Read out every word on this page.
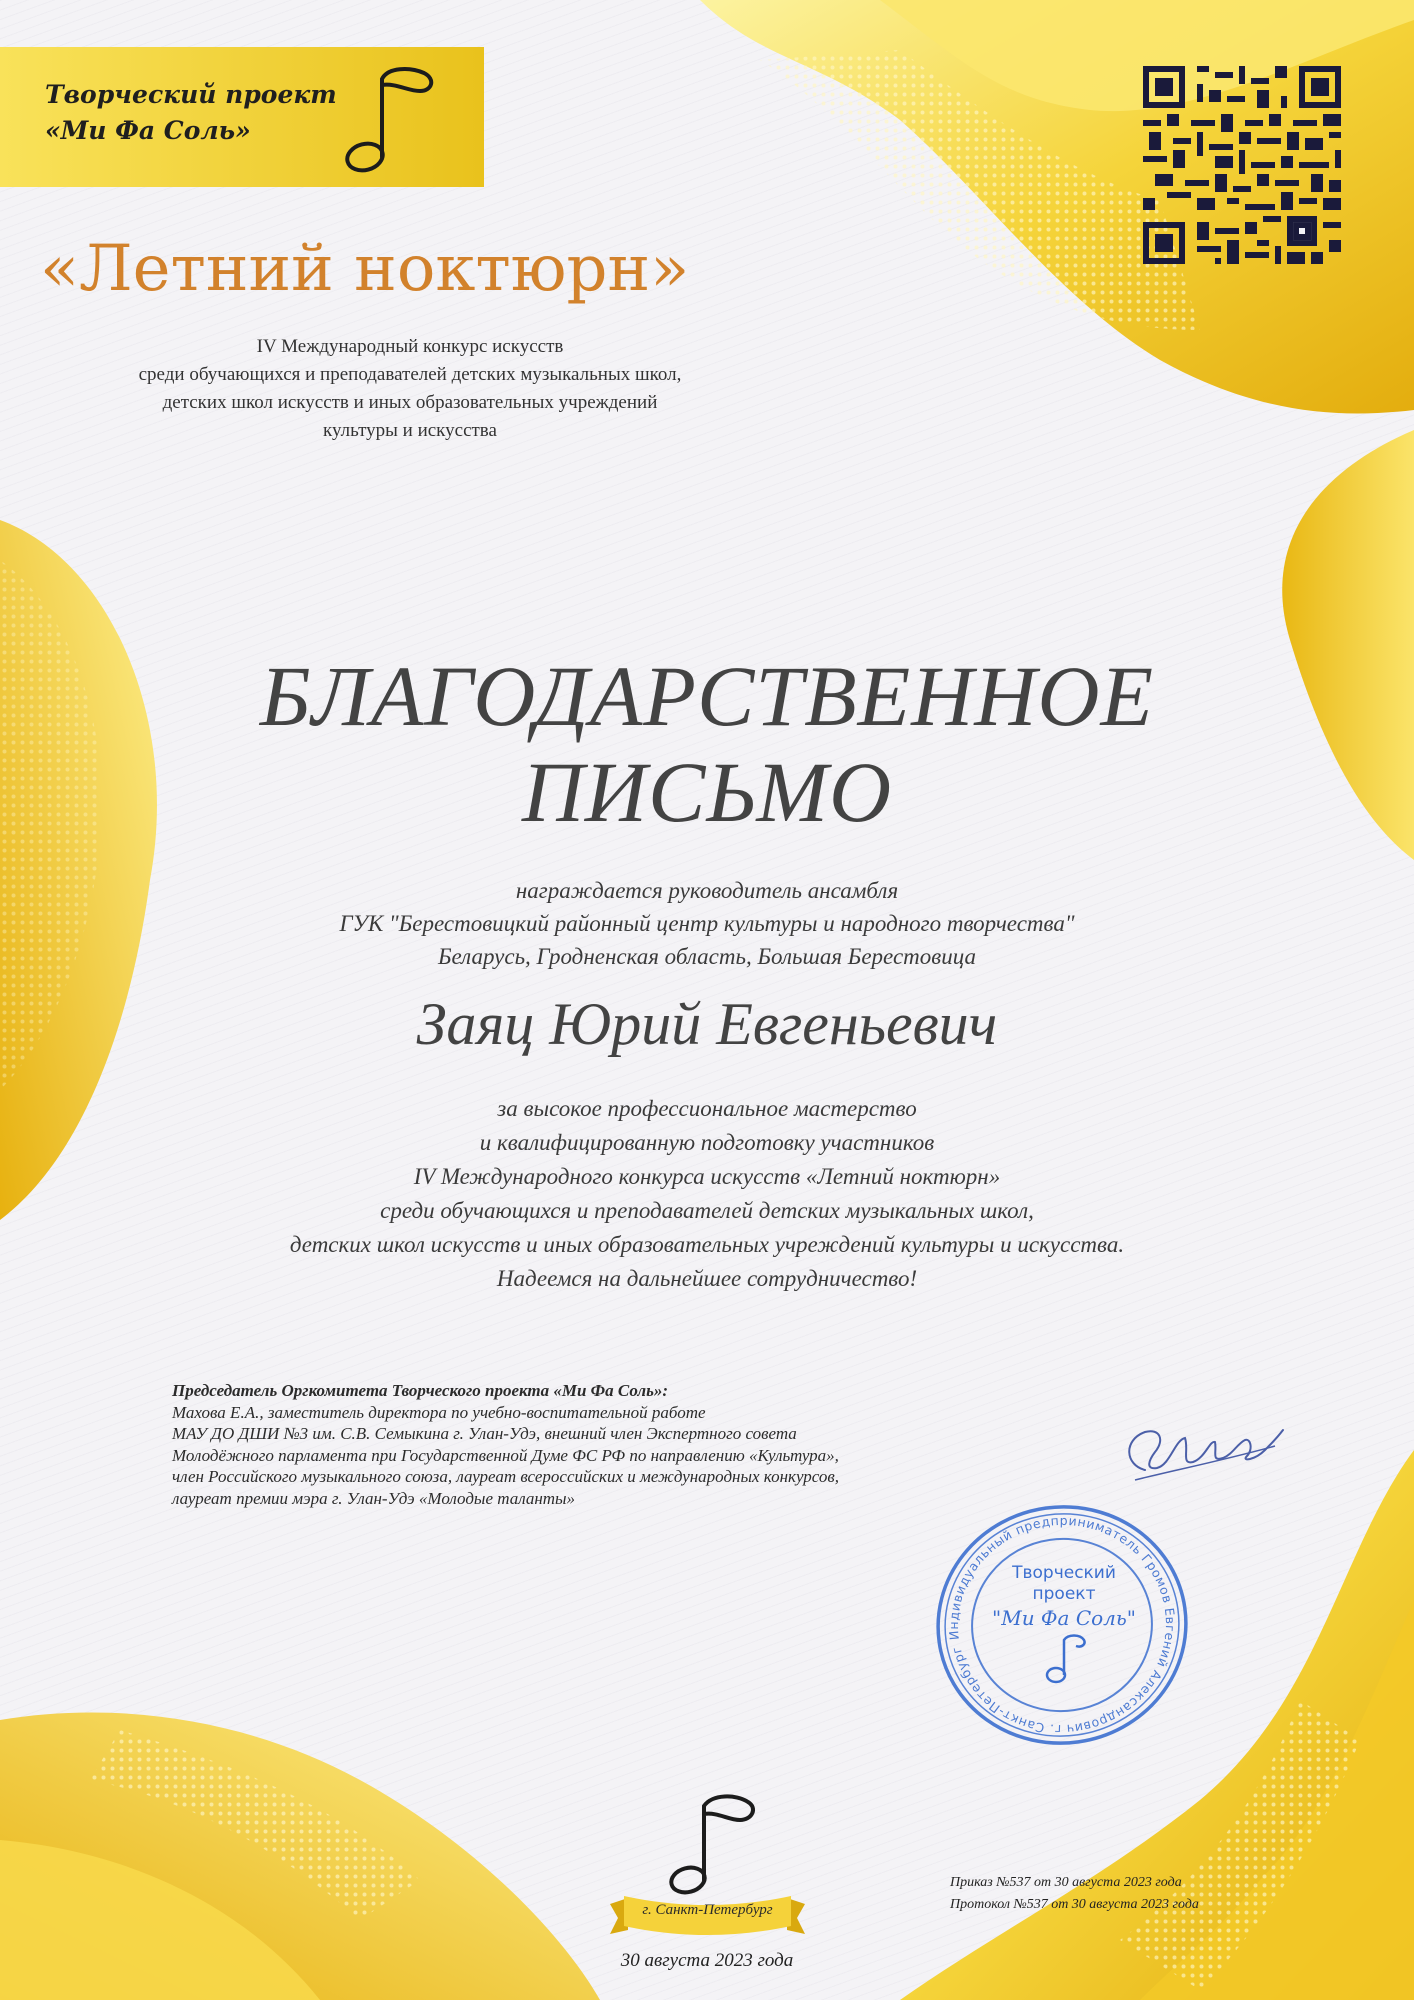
Творческий проект
«Ми Фа Соль»
«Летний ноктюрн»
IV Международный конкурс искусств
среди обучающихся и преподавателей детских музыкальных школ,
детских школ искусств и иных образовательных учреждений
культуры и искусства
БЛАГОДАРСТВЕННОЕ
ПИСЬМО
награждается руководитель ансамбля
ГУК "Берестовицкий районный центр культуры и народного творчества"
Беларусь, Гродненская область, Большая Берестовица
Заяц Юрий Евгеньевич
за высокое профессиональное мастерство
и квалифицированную подготовку участников
IV Международного конкурса искусств «Летний ноктюрн»
среди обучающихся и преподавателей детских музыкальных школ,
детских школ искусств и иных образовательных учреждений культуры и искусства.
Надеемся на дальнейшее сотрудничество!
Председатель Оргкомитета Творческого проекта «Ми Фа Соль»:
Махова Е.А., заместитель директора по учебно-воспитательной работе
МАУ ДО ДШИ №3 им. С.В. Семыкина г. Улан-Удэ, внешний член Экспертного совета
Молодёжного парламента при Государственной Думе ФС РФ по направлению «Культура»,
член Российского музыкального союза, лауреат всероссийских и международных конкурсов,
лауреат премии мэра г. Улан-Удэ «Молодые таланты»
Индивидуальный предприниматель Громов Евгений Александрович г. Санкт-Петербург
Творческий
проект
"Ми Фа Соль"
г. Санкт-Петербург
30 августа 2023 года
Приказ №537 от 30 августа 2023 года
Протокол №537 от 30 августа 2023 года
